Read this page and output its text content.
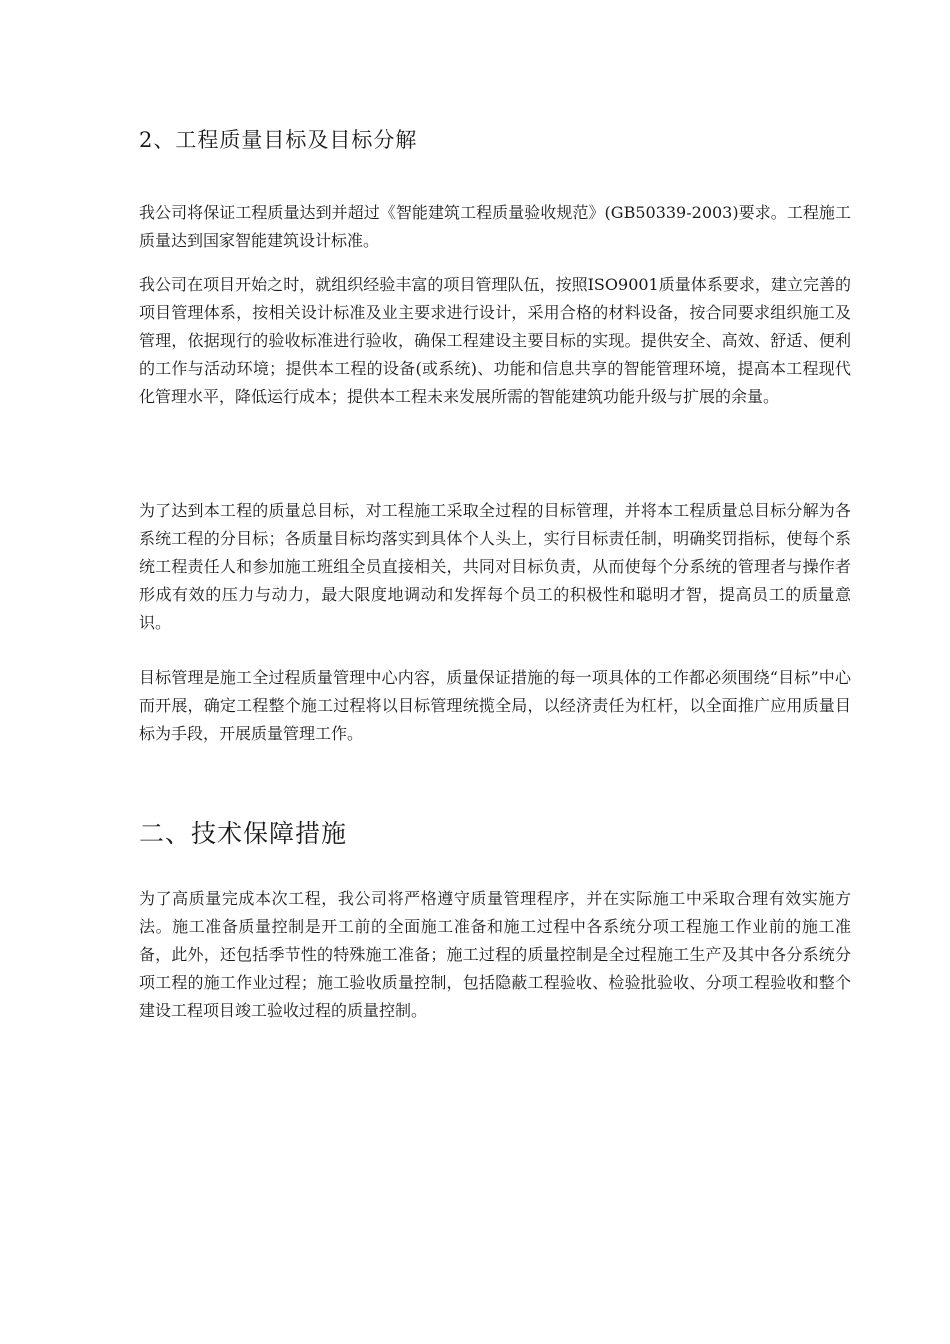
2、工程质量目标及目标分解

我公司将保证工程质量达到并超过《智能建筑工程质量验收规范》(GB50339-2003)要求。工程施工质量达到国家智能建筑设计标准。

我公司在项目开始之时，就组织经验丰富的项目管理队伍，按照ISO9001质量体系要求，建立完善的项目管理体系，按相关设计标准及业主要求进行设计，采用合格的材料设备，按合同要求组织施工及管理，依据现行的验收标准进行验收，确保工程建设主要目标的实现。提供安全、高效、舒适、便利的工作与活动环境；提供本工程的设备(或系统)、功能和信息共享的智能管理环境，提高本工程现代化管理水平，降低运行成本；提供本工程未来发展所需的智能建筑功能升级与扩展的余量。

为了达到本工程的质量总目标，对工程施工采取全过程的目标管理，并将本工程质量总目标分解为各系统工程的分目标；各质量目标均落实到具体个人头上，实行目标责任制，明确奖罚指标，使每个系统工程责任人和参加施工班组全员直接相关，共同对目标负责，从而使每个分系统的管理者与操作者形成有效的压力与动力，最大限度地调动和发挥每个员工的积极性和聪明才智，提高员工的质量意识。

目标管理是施工全过程质量管理中心内容，质量保证措施的每一项具体的工作都必须围绕“目标”中心而开展，确定工程整个施工过程将以目标管理统揽全局，以经济责任为杠杆，以全面推广应用质量目标为手段，开展质量管理工作。

二、技术保障措施

为了高质量完成本次工程，我公司将严格遵守质量管理程序，并在实际施工中采取合理有效实施方法。施工准备质量控制是开工前的全面施工准备和施工过程中各系统分项工程施工作业前的施工准备，此外，还包括季节性的特殊施工准备；施工过程的质量控制是全过程施工生产及其中各分系统分项工程的施工作业过程；施工验收质量控制，包括隐蔽工程验收、检验批验收、分项工程验收和整个建设工程项目竣工验收过程的质量控制。
